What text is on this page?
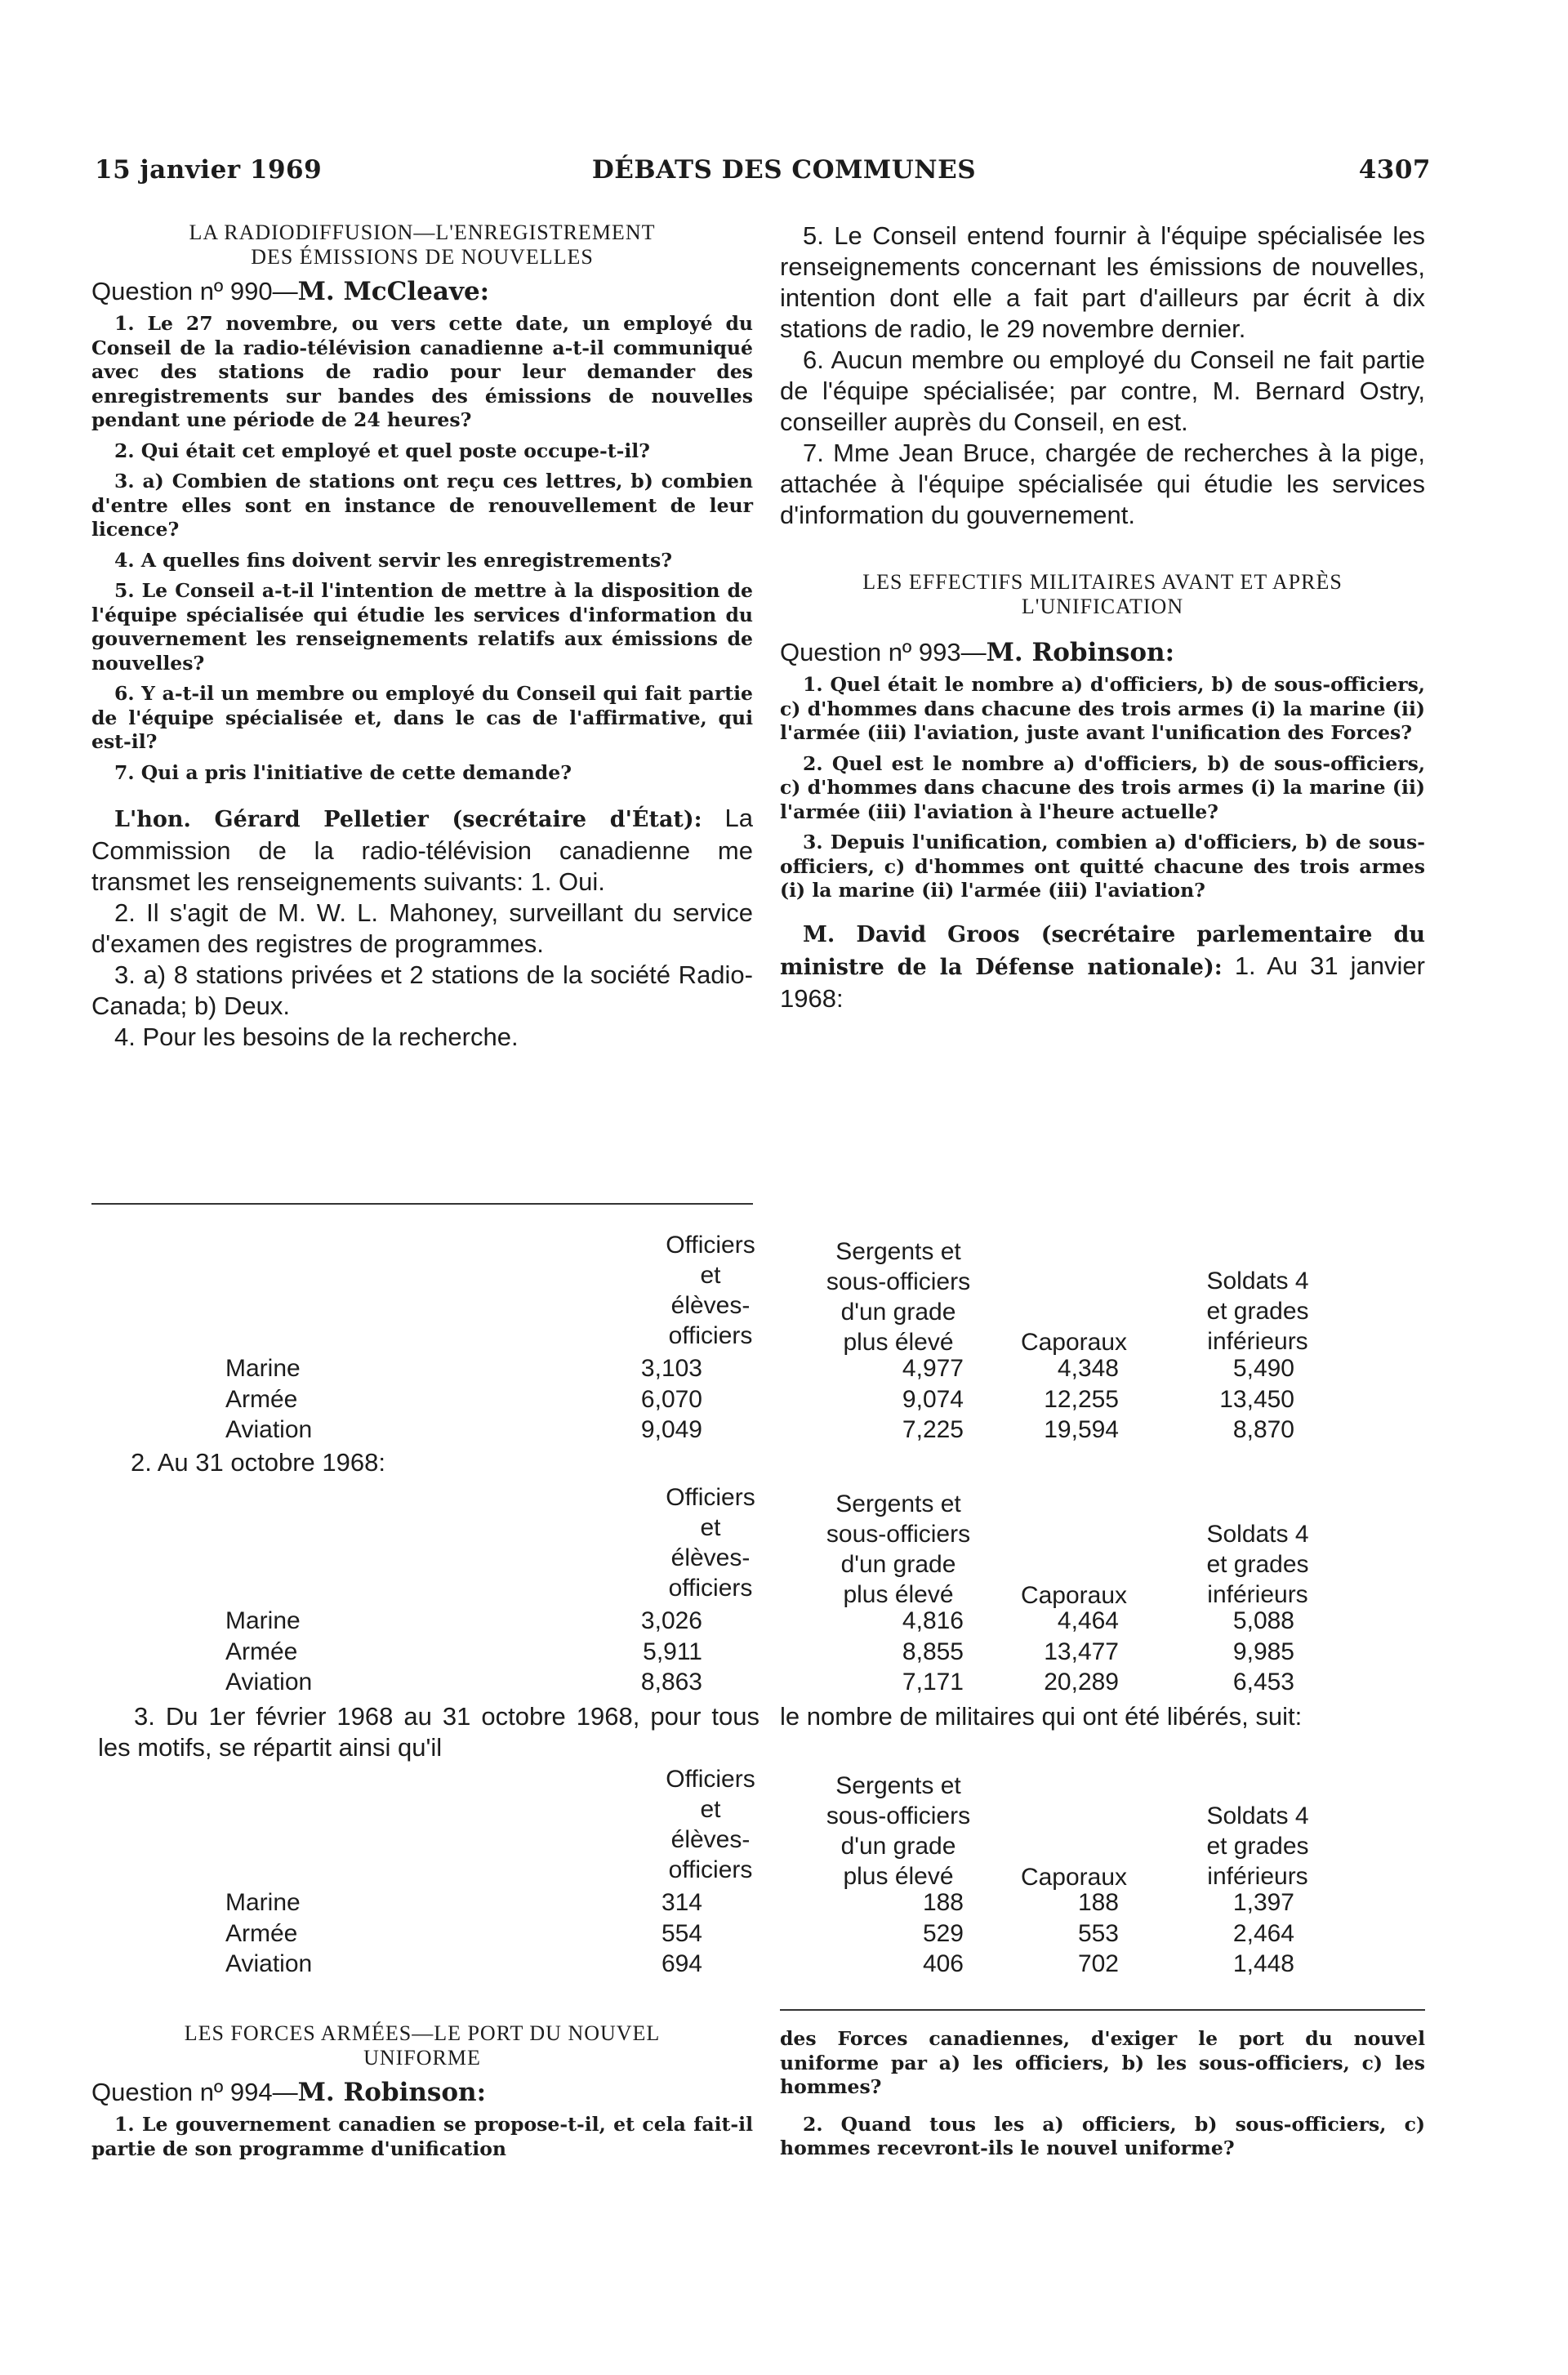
DÉBATS DES COMMUNES
15 janvier 1969	4307

LA RADIODIFFUSION—L'ENREGISTREMENT

DES ÉMISSIONS DE NOUVELLES

Question nº 990—M. McCleave:

1. Le 27 novembre, ou vers cette date, un employé du Conseil de la radio-télévision canadienne a-t-il communiqué avec des stations de radio pour leur demander des enregistrements sur bandes des émissions de nouvelles pendant une période de 24 heures?

2. Qui était cet employé et quel poste occupe-t-il?

3. a) Combien de stations ont reçu ces lettres, b) combien d'entre elles sont en instance de renouvellement de leur licence?

4. A quelles fins doivent servir les enregistrements?

5. Le Conseil a-t-il l'intention de mettre à la disposition de l'équipe spécialisée qui étudie les services d'information du gouvernement les renseignements relatifs aux émissions de nouvelles?

6. Y a-t-il un membre ou employé du Conseil qui fait partie de l'équipe spécialisée et, dans le cas de l'affirmative, qui est-il?

7. Qui a pris l'initiative de cette demande?

L'hon. Gérard Pelletier (secrétaire d'État): La Commission de la radio-télévision canadienne me transmet les renseignements suivants: 1. Oui.

2. Il s'agit de M. W. L. Mahoney, surveillant du service d'examen des registres de programmes.

3. a) 8 stations privées et 2 stations de la société Radio-Canada; b) Deux.

4. Pour les besoins de la recherche.

5. Le Conseil entend fournir à l'équipe spécialisée les renseignements concernant les émissions de nouvelles, intention dont elle a fait part d'ailleurs par écrit à dix stations de radio, le 29 novembre dernier.

6. Aucun membre ou employé du Conseil ne fait partie de l'équipe spécialisée; par contre, M. Bernard Ostry, conseiller auprès du Conseil, en est.

7. Mme Jean Bruce, chargée de recherches à la pige, attachée à l'équipe spécialisée qui étudie les services d'information du gouvernement.

LES EFFECTIFS MILITAIRES AVANT ET APRÈS

L'UNIFICATION

Question nº 993—M. Robinson:

1. Quel était le nombre a) d'officiers, b) de sous-officiers, c) d'hommes dans chacune des trois armes (i) la marine (ii) l'armée (iii) l'aviation, juste avant l'unification des Forces?

2. Quel est le nombre a) d'officiers, b) de sous-officiers, c) d'hommes dans chacune des trois armes (i) la marine (ii) l'armée (iii) l'aviation à l'heure actuelle?

3. Depuis l'unification, combien a) d'officiers, b) de sous-officiers, c) d'hommes ont quitté chacune des trois armes (i) la marine (ii) l'armée (iii) l'aviation?

M. David Groos (secrétaire parlementaire du ministre de la Défense nationale): 1. Au 31 janvier 1968:

Officiers
et
élèves-
officiers
Sergents et
sous-officiers
d'un grade
plus élevé	Caporaux
Soldats 4
et grades
inférieurs
Marine	3,103	4,977	4,348	5,490
Armée	6,070	9,074	12,255	13,450
Aviation	9,049	7,225	19,594	8,870
2. Au 31 octobre 1968:
Officiers
et
élèves-
officiers
Sergents et
sous-officiers
d'un grade
plus élevé	Caporaux
Soldats 4
et grades
inférieurs
Marine	3,026	4,816	4,464	5,088
Armée	5,911	8,855	13,477	9,985
Aviation	8,863	7,171	20,289	6,453
3. Du 1er février 1968 au 31 octobre 1968, pour tous les motifs, se répartit ainsi qu'il
le nombre de militaires qui ont été libérés, suit:
Officiers
et
élèves-
officiers
Sergents et
sous-officiers
d'un grade
plus élevé	Caporaux
Soldats 4
et grades
inférieurs
Marine	314	188	188	1,397
Armée	554	529	553	2,464
Aviation	694	406	702	1,448

LES FORCES ARMÉES—LE PORT DU NOUVEL

UNIFORME

Question nº 994—M. Robinson:

1. Le gouvernement canadien se propose-t-il, et cela fait-il partie de son programme d'unification

des Forces canadiennes, d'exiger le port du nouvel uniforme par a) les officiers, b) les sous-officiers, c) les hommes?

2. Quand tous les a) officiers, b) sous-officiers, c) hommes recevront-ils le nouvel uniforme?
